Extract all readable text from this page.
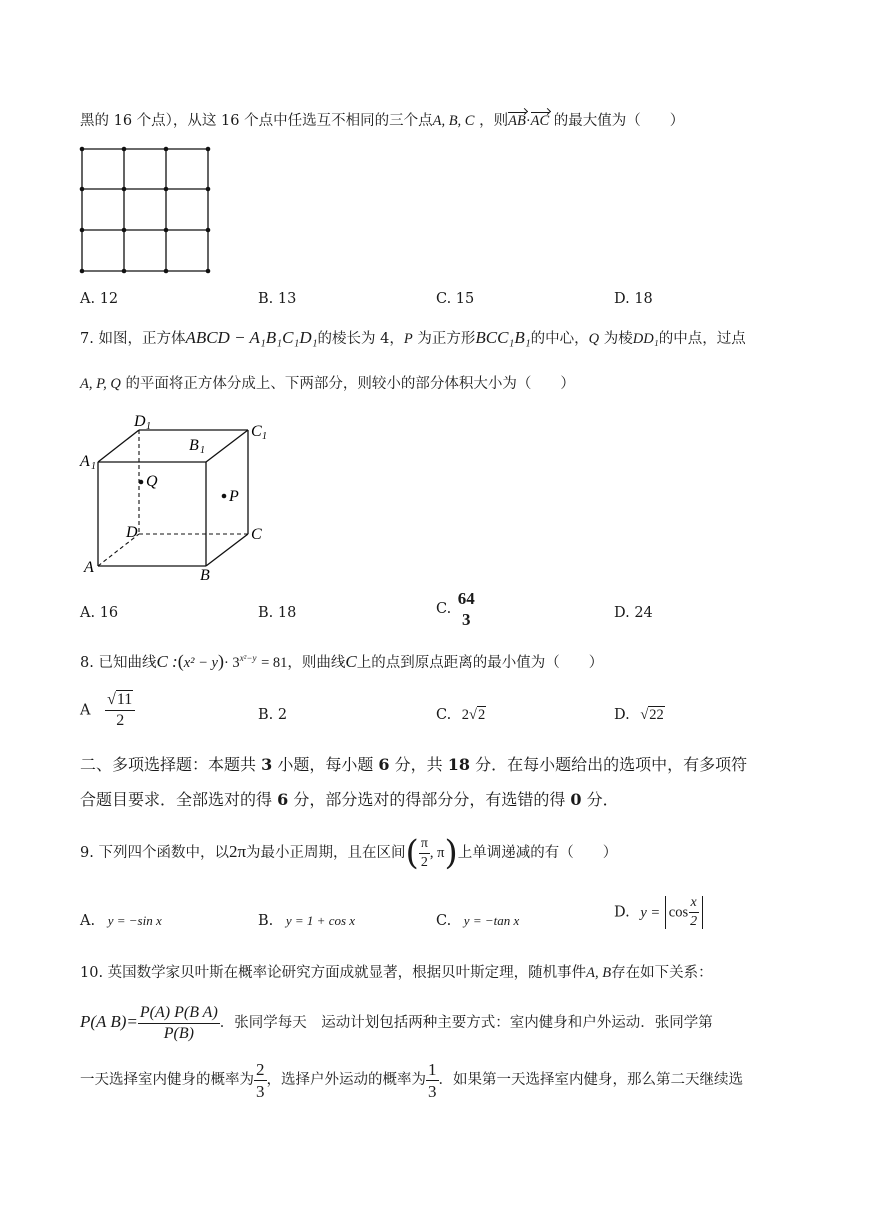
黑的 16 个点），从这 16 个点中任选互不相同的三个点A, B, C ，则AB·AC 的最大值为（　　）
A. 12	B. 13	C. 15	D. 18
7. 如图，正方体ABCD − A₁B₁C₁D₁的棱长为 4，P 为正方形BCC₁B₁的中心，Q 为棱DD₁的中点，过点
A, P, Q 的平面将正方体分成上、下两部分，则较小的部分体积大小为（　　）
D 1	C 1
B 1
A 1
Q
P
D	C
A	B
A. 16	B. 18	C.
64
3	D. 24
8. 已知曲线C :(x² − $y)\cdot 3^{x^2-y} = 81$，则曲线C上的点到原点距离的最小值为（　　）
A $\frac{√11}{2}$	B. 2	C. 2√2	D. √22
二、多项选择题：本题共 3 小题，每小题 6 分，共 18 分．在每小题给出的选项中，有多项符
合题目要求．全部选对的得 6 分，部分选对的得部分分，有选错的得 0 分．
9. 下列四个函数中，以2π为最小正周期，且在区间( $\frac{\pi}{2}$ , π)上单调递减的有（　　）
A. y = −sin x	B. y = 1 + cos x	C. y = −tan x	D. $y = \cos \frac{x}{2}$
10. 英国数学家贝叶斯在概率论研究方面成就显著，根据贝叶斯定理，随机事件A, B存在如下关系：
P(A $B)= \frac{\text{P(A) P(B A)}}{P(B)}$ ．张同学每天　运动计划包括两种主要方式：室内健身和户外运动．张同学第
一天选择室内健身的概率为 $\frac{2}{3}$ ，选择户外运动的概率为 $\frac{1}{3}$ ．如果第一天选择室内健身，那么第二天继续选
